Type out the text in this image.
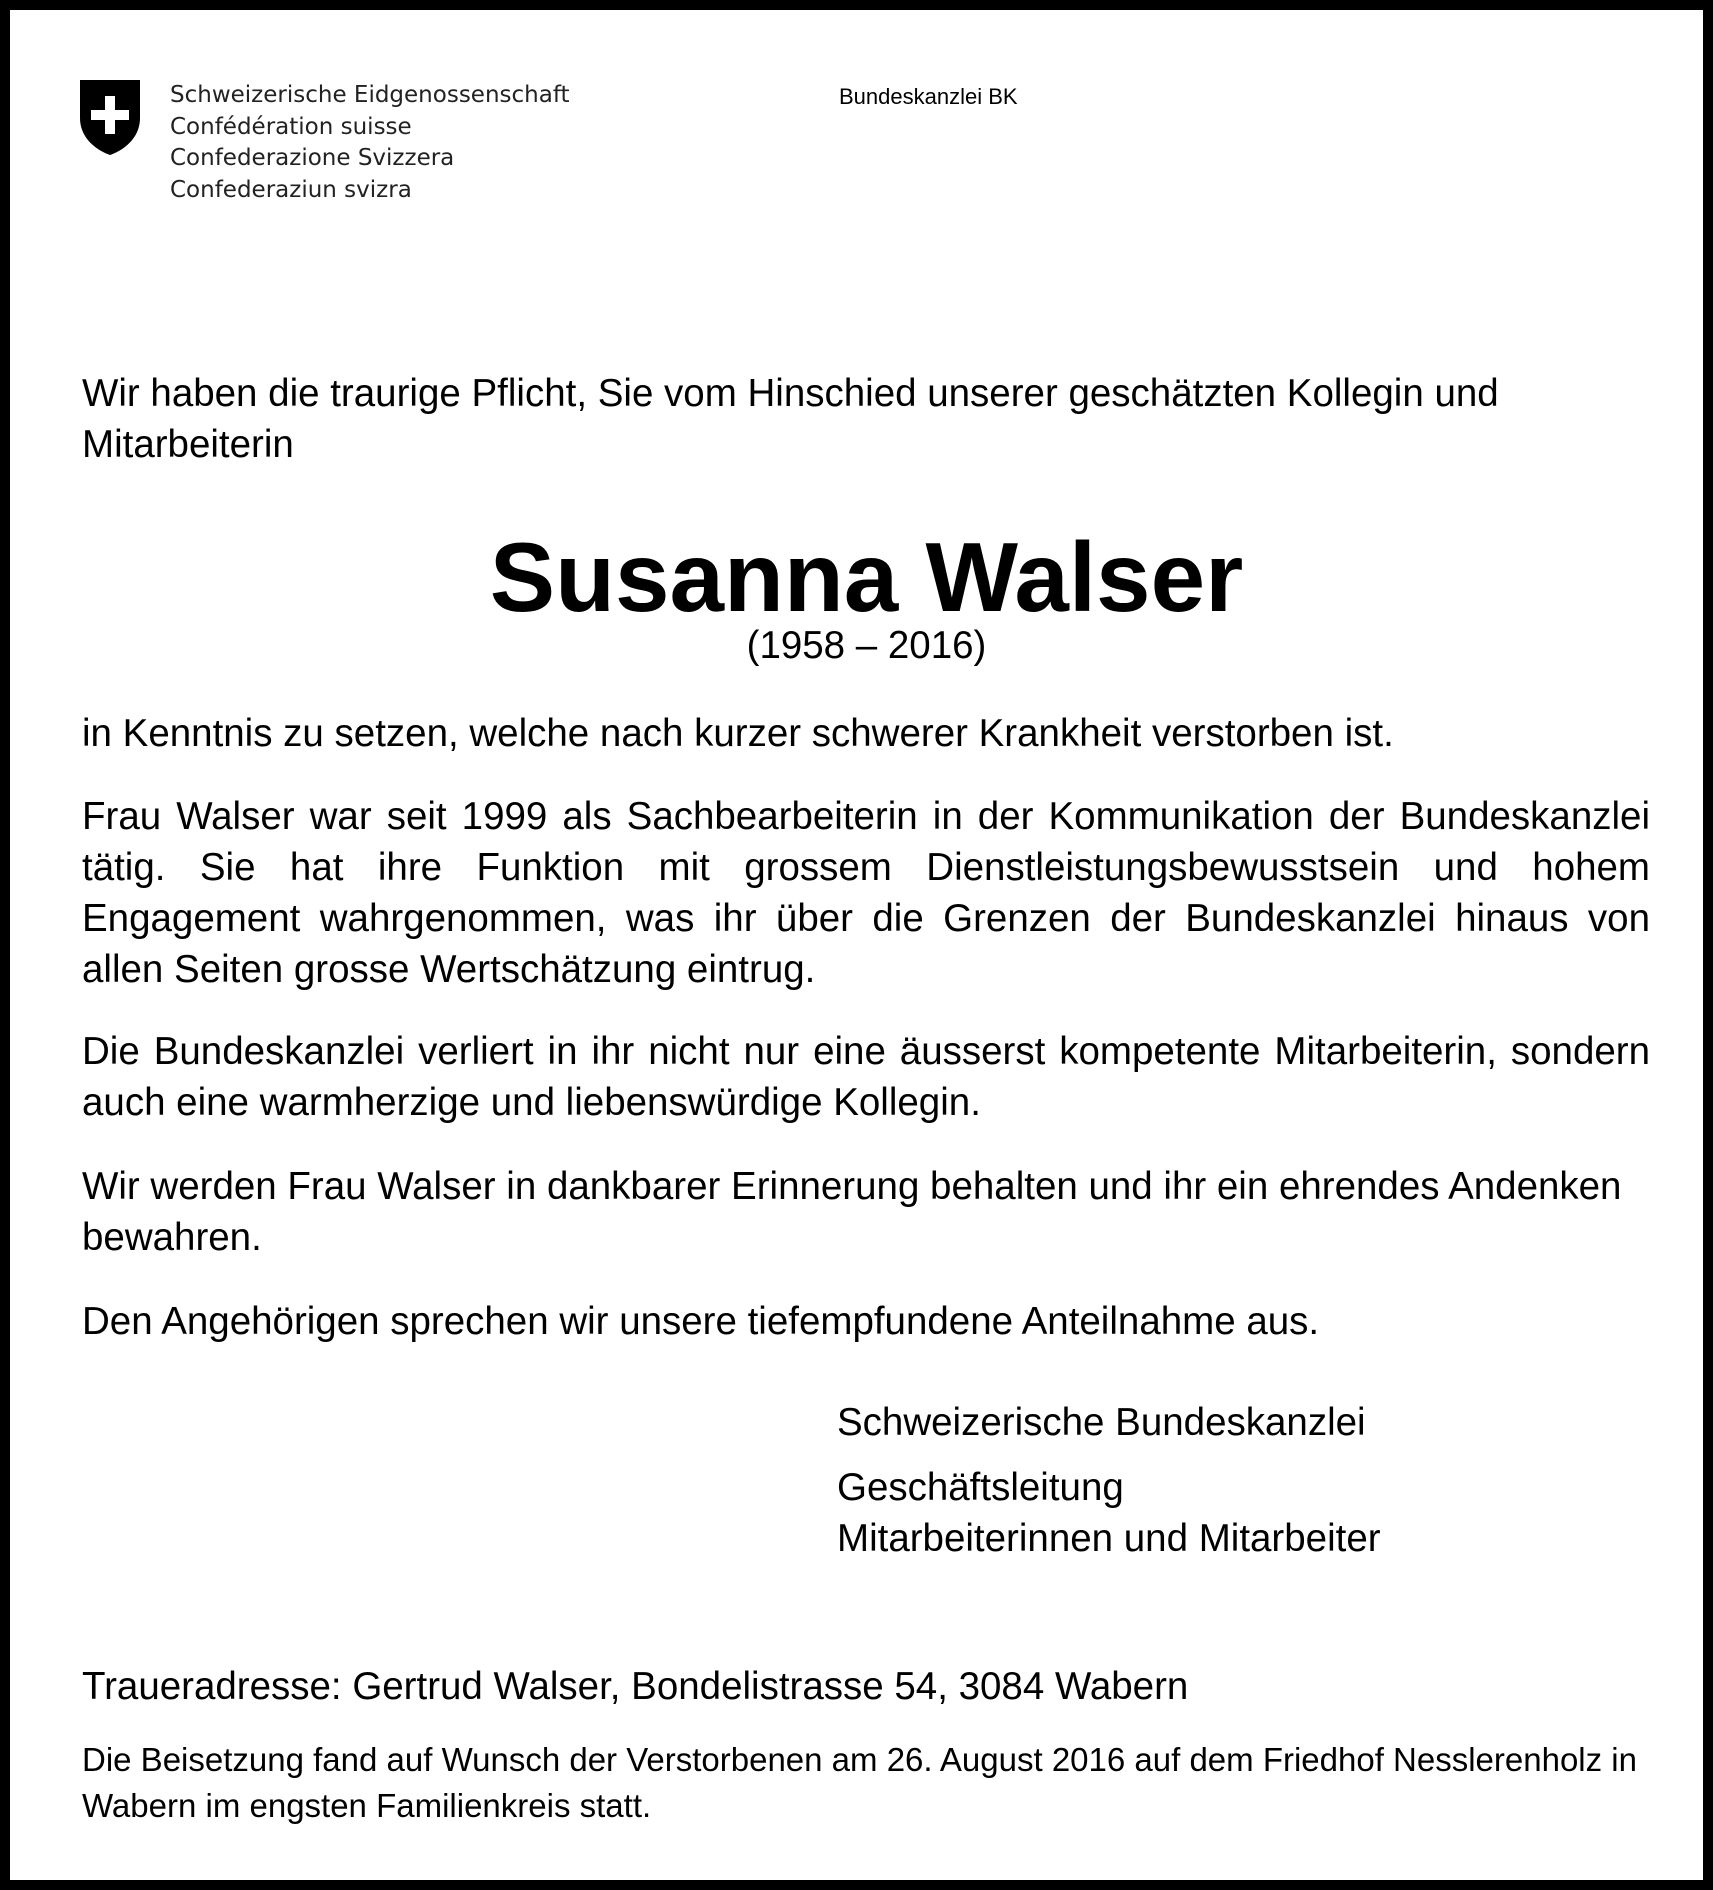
Schweizerische Eidgenossenschaft
Confédération suisse
Confederazione Svizzera
Confederaziun svizra
Bundeskanzlei BK
Wir haben die traurige Pflicht, Sie vom Hinschied unserer geschätzten Kollegin und Mitarbeiterin
Susanna Walser
(1958 – 2016)
in Kenntnis zu setzen, welche nach kurzer schwerer Krankheit verstorben ist.
Frau Walser war seit 1999 als Sachbearbeiterin in der Kommunikation der Bundeskanzlei tätig. Sie hat ihre Funktion mit grossem Dienstleistungsbewusstsein und hohem Engagement wahrgenommen, was ihr über die Grenzen der Bundeskanzlei hinaus von allen Seiten grosse Wertschätzung eintrug.
Die Bundeskanzlei verliert in ihr nicht nur eine äusserst kompetente Mitarbeiterin, sondern auch eine warmherzige und liebenswürdige Kollegin.
Wir werden Frau Walser in dankbarer Erinnerung behalten und ihr ein ehrendes Andenken bewahren.
Den Angehörigen sprechen wir unsere tiefempfundene Anteilnahme aus.
Schweizerische Bundeskanzlei
Geschäftsleitung
Mitarbeiterinnen und Mitarbeiter
Traueradresse: Gertrud Walser, Bondelistrasse 54, 3084 Wabern
Die Beisetzung fand auf Wunsch der Verstorbenen am 26. August 2016 auf dem Friedhof Nesslerenholz in Wabern im engsten Familienkreis statt.
